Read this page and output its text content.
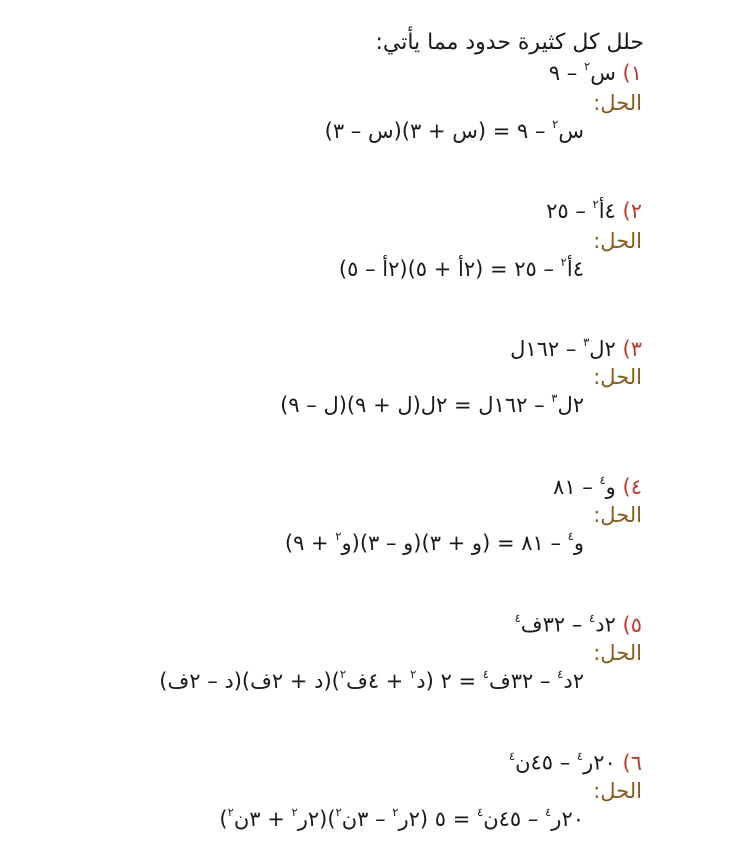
حلل كل كثيرة حدود مما يأتي:
١) س$^٢$ – ٩
الحل:
س$^٢$ – ٩ = (س + ٣)(س – ٣)
٢) ٤أ$^٢$ – ٢٥
الحل:
٤أ$^٢$ – ٢٥ = (٢أ + ٥)(٢أ – ٥)
٣) ٢ل$^٣$ – ١٦٢ل
الحل:
٢ل$^٣$ – ١٦٢ل = ٢ل(ل + ٩)(ل – ٩)
٤) و$^٤$ – ٨١
الحل:
و$^٤$ – ٨١ = (و + ٣)(و – ٣)(و$^٢$ + ٩)
٥) ٢د$^٤$ – ٣٢ف$^٤$
الحل:
٢د$^٤$ – ٣٢ف$^٤$ = ٢ (د$^٢$ + ٤ف$^٢$)(د + ٢ف)(د – ٢ف)
٦) ٢٠ر$^٤$ – ٤٥ن$^٤$
الحل:
٢٠ر$^٤$ – ٤٥ن$^٤$ = ٥ (٢ر$^٢$ – ٣ن$^٢$)(٢ر$^٢$ + ٣ن$^٢$)
